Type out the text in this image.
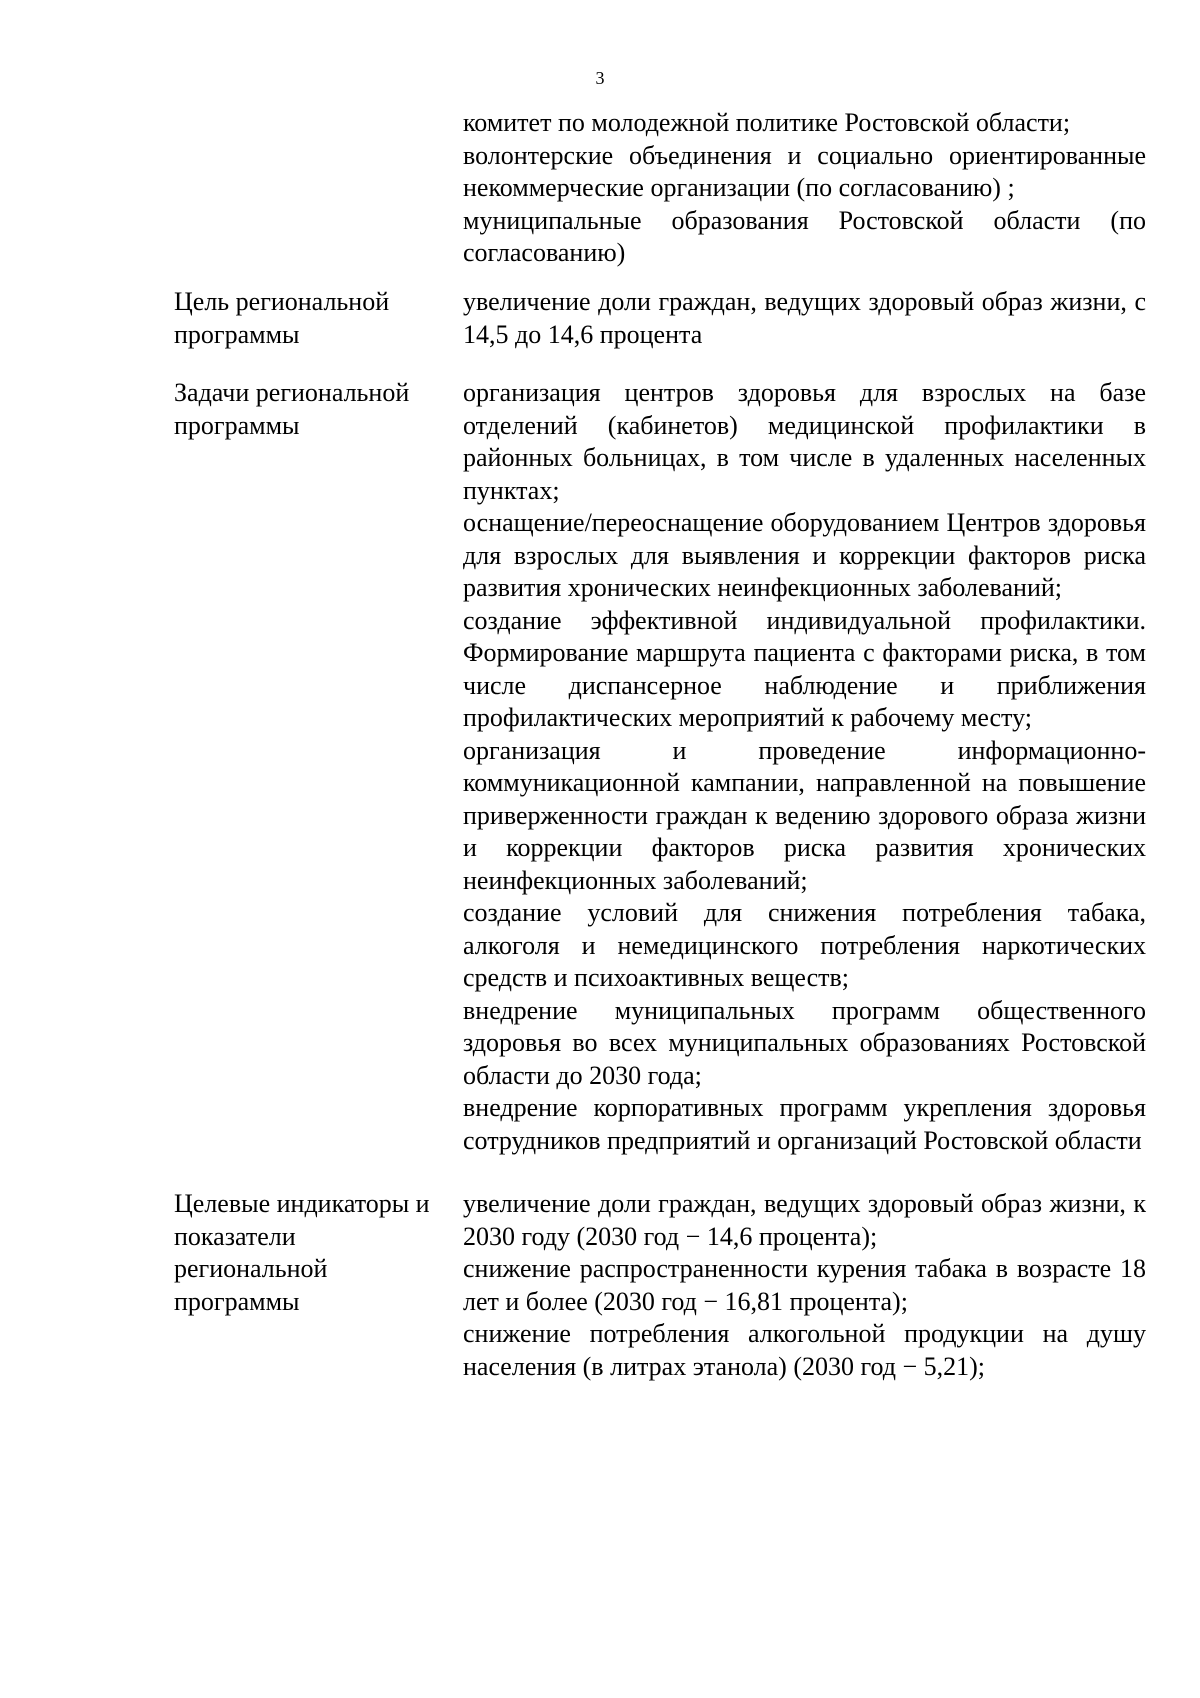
3
комитет по молодежной политике Ростовской области;
волонтерские объединения и социально ориентированные некоммерческие организации (по согласованию) ;
муниципальные образования Ростовской области (по согласованию)
Цель региональной программы
увеличение доли граждан, ведущих здоровый образ жизни, с 14,5 до 14,6 процента
Задачи региональной программы
организация центров здоровья для взрослых на базе отделений (кабинетов) медицинской профилактики в районных больницах, в том числе в удаленных населенных пунктах;
оснащение/переоснащение оборудованием Центров здоровья для взрослых для выявления и коррекции факторов риска развития хронических неинфекционных заболеваний;
создание эффективной индивидуальной профилактики. Формирование маршрута пациента с факторами риска, в том числе диспансерное наблюдение и приближения профилактических мероприятий к рабочему месту;
организация и проведение информационно-коммуникационной кампании, направленной на повышение приверженности граждан к ведению здорового образа жизни и коррекции факторов риска развития хронических неинфекционных заболеваний;
создание условий для снижения потребления табака, алкоголя и немедицинского потребления наркотических средств и психоактивных веществ;
внедрение муниципальных программ общественного здоровья во всех муниципальных образованиях Ростовской области до 2030 года;
внедрение корпоративных программ укрепления здоровья сотрудников предприятий и организаций Ростовской области
Целевые индикаторы и показатели региональной программы
увеличение доли граждан, ведущих здоровый образ жизни, к 2030 году (2030 год − 14,6 процента);
снижение распространенности курения табака в возрасте 18 лет и более (2030 год − 16,81 процента);
снижение потребления алкогольной продукции на душу населения (в литрах этанола) (2030 год − 5,21);
